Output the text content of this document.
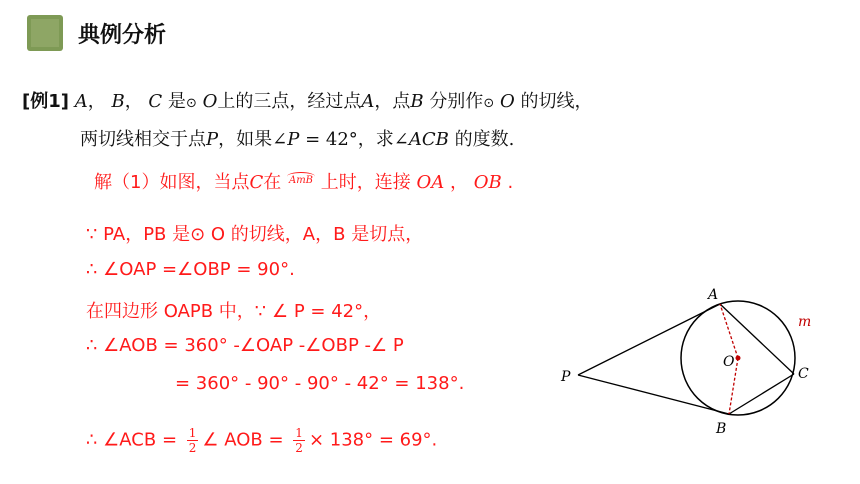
典例分析
[例1] A， B， C 是⊙ O上的三点，经过点A，点B 分别作⊙ O 的切线，
两切线相交于点P，如果∠P = 42°，求∠ACB 的度数.
解（1）如图，当点C在 AmB 上时，连接 OA ， OB .
∵ PA，PB 是⊙ O 的切线，A，B 是切点，
∴ ∠OAP =∠OBP = 90°.
在四边形 OAPB 中，∵ ∠ P = 42°，
∴ ∠AOB = 360° -∠OAP -∠OBP -∠ P
= 360° - 90° - 90° - 42° = 138°.
∴ ∠ACB = $\frac{1}{2}$ ∠ AOB = $\frac{1}{2} \times 138^\circ = 69^\circ$.
A
B
C
O
P
m
